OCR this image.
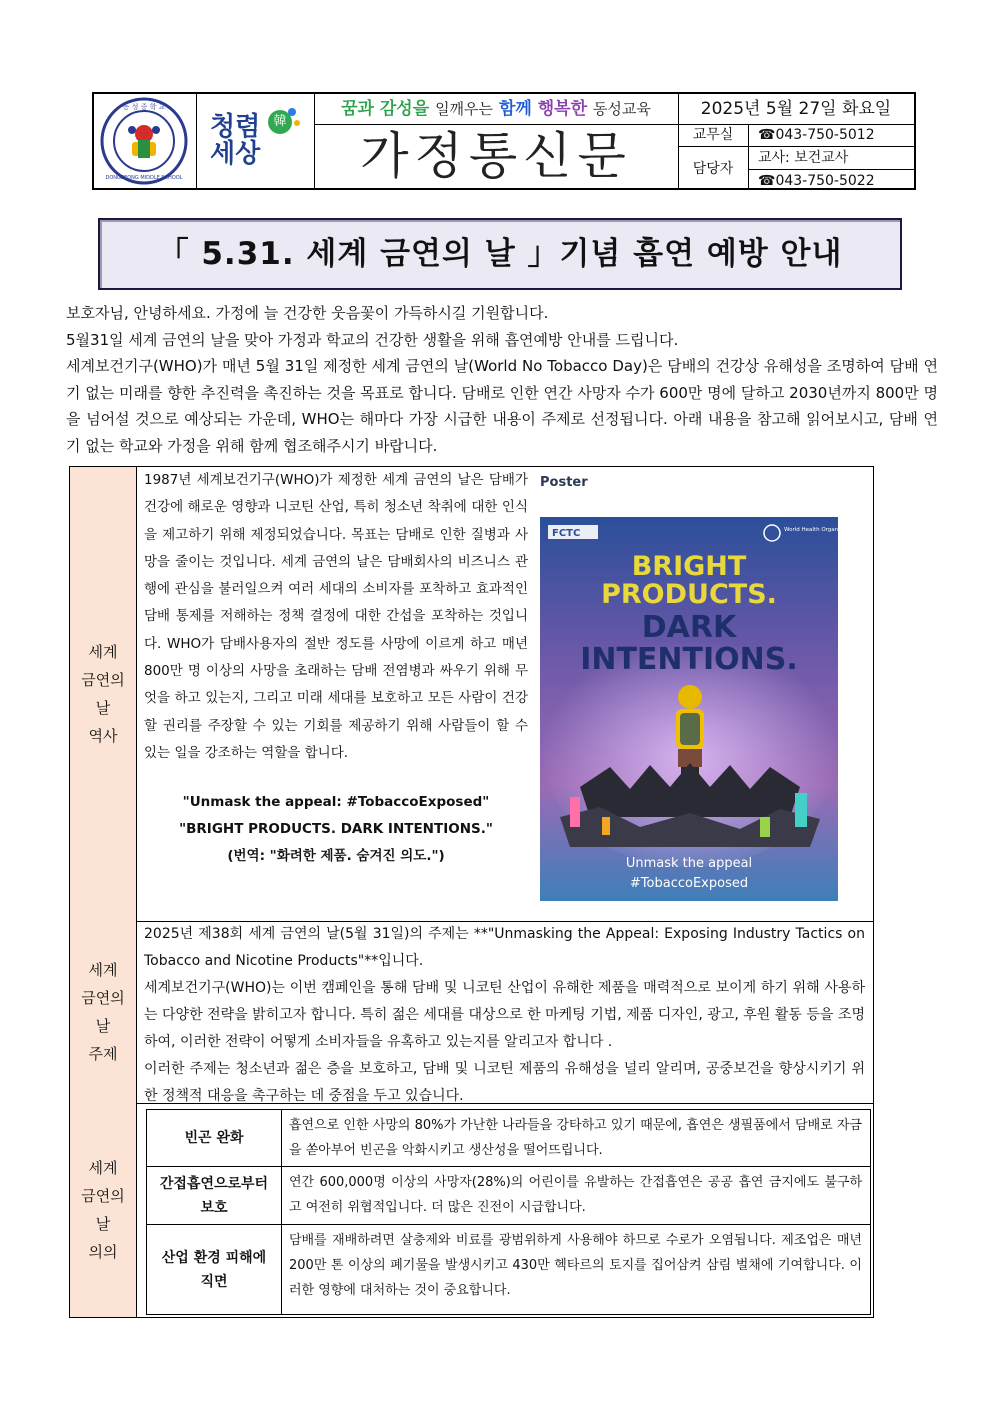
동 성 중 학 교
DONGSEONG MIDDLE SCHOOL
청렴세상
韓
꿈과 감성을 일깨우는 함께 행복한 동성교육
가정통신문
2025년 5월 27일 화요일
교무실	☎043-750-5012
담당자
교사: 보건교사
☎043-750-5022
「 5.31. 세계 금연의 날 」기념 흡연 예방 안내

보호자님, 안녕하세요. 가정에 늘 건강한 웃음꽃이 가득하시길 기원합니다.

5월31일 세계 금연의 날을 맞아 가정과 학교의 건강한 생활을 위해 흡연예방 안내를 드립니다.

세계보건기구(WHO)가 매년 5월 31일 제정한 세계 금연의 날(World No Tobacco Day)은 담배의 건강상 유해성을 조명하여 담배 연기 없는 미래를 향한 추진력을 촉진하는 것을 목표로 합니다. 담배로 인한 연간 사망자 수가 600만 명에 달하고 2030년까지 800만 명을 넘어설 것으로 예상되는 가운데, WHO는 해마다 가장 시급한 내용이 주제로 선정됩니다. 아래 내용을 참고해 읽어보시고, 담배 연기 없는 학교와 가정을 위해 함께 협조해주시기 바랍니다.

세계
금연의
날
역사
1987년 세계보건기구(WHO)가 제정한 세계 금연의 날은 담배가 건강에 해로운 영향과 니코틴 산업, 특히 청소년 착취에 대한 인식을 제고하기 위해 제정되었습니다. 목표는 담배로 인한 질병과 사망을 줄이는 것입니다. 세계 금연의 날은 담배회사의 비즈니스 관행에 관심을 불러일으켜 여러 세대의 소비자를 포착하고 효과적인 담배 통제를 저해하는 정책 결정에 대한 간섭을 포착하는 것입니다. WHO가 담배사용자의 절반 정도를 사망에 이르게 하고 매년 800만 명 이상의 사망을 초래하는 담배 전염병과 싸우기 위해 무엇을 하고 있는지, 그리고 미래 세대를 보호하고 모든 사람이 건강할 권리를 주장할 수 있는 기회를 제공하기 위해 사람들이 할 수 있는 일을 강조하는 역할을 합니다.
"Unmask the appeal: #TobaccoExposed"
"BRIGHT PRODUCTS. DARK INTENTIONS."
(번역: "화려한 제품. 숨겨진 의도.")
Poster
FCTC	World Health Organization
BRIGHT
PRODUCTS.
DARK
INTENTIONS.
Unmask the appeal
#TobaccoExposed
세계
금연의
날
주제
2025년 제38회 세계 금연의 날(5월 31일)의 주제는 **"Unmasking the Appeal: Exposing Industry Tactics on Tobacco and Nicotine Products"**입니다.
세계보건기구(WHO)는 이번 캠페인을 통해 담배 및 니코틴 산업이 유해한 제품을 매력적으로 보이게 하기 위해 사용하는 다양한 전략을 밝히고자 합니다. 특히 젊은 세대를 대상으로 한 마케팅 기법, 제품 디자인, 광고, 후원 활동 등을 조명하여, 이러한 전략이 어떻게 소비자들을 유혹하고 있는지를 알리고자 합니다 .
이러한 주제는 청소년과 젊은 층을 보호하고, 담배 및 니코틴 제품의 유해성을 널리 알리며, 공중보건을 향상시키기 위한 정책적 대응을 촉구하는 데 중점을 두고 있습니다.
세계
금연의
날
의의
빈곤 완화
흡연으로 인한 사망의 80%가 가난한 나라들을 강타하고 있기 때문에, 흡연은 생필품에서 담배로 자금을 쏟아부어 빈곤을 악화시키고 생산성을 떨어뜨립니다.
간접흡연으로부터
보호
연간 600,000명 이상의 사망자(28%)의 어린이를 유발하는 간접흡연은 공공 흡연 금지에도 불구하고 여전히 위협적입니다. 더 많은 진전이 시급합니다.
산업 환경 피해에
직면
담배를 재배하려면 살충제와 비료를 광범위하게 사용해야 하므로 수로가 오염됩니다. 제조업은 매년 200만 톤 이상의 폐기물을 발생시키고 430만 헥타르의 토지를 집어삼켜 삼림 벌채에 기여합니다. 이러한 영향에 대처하는 것이 중요합니다.
